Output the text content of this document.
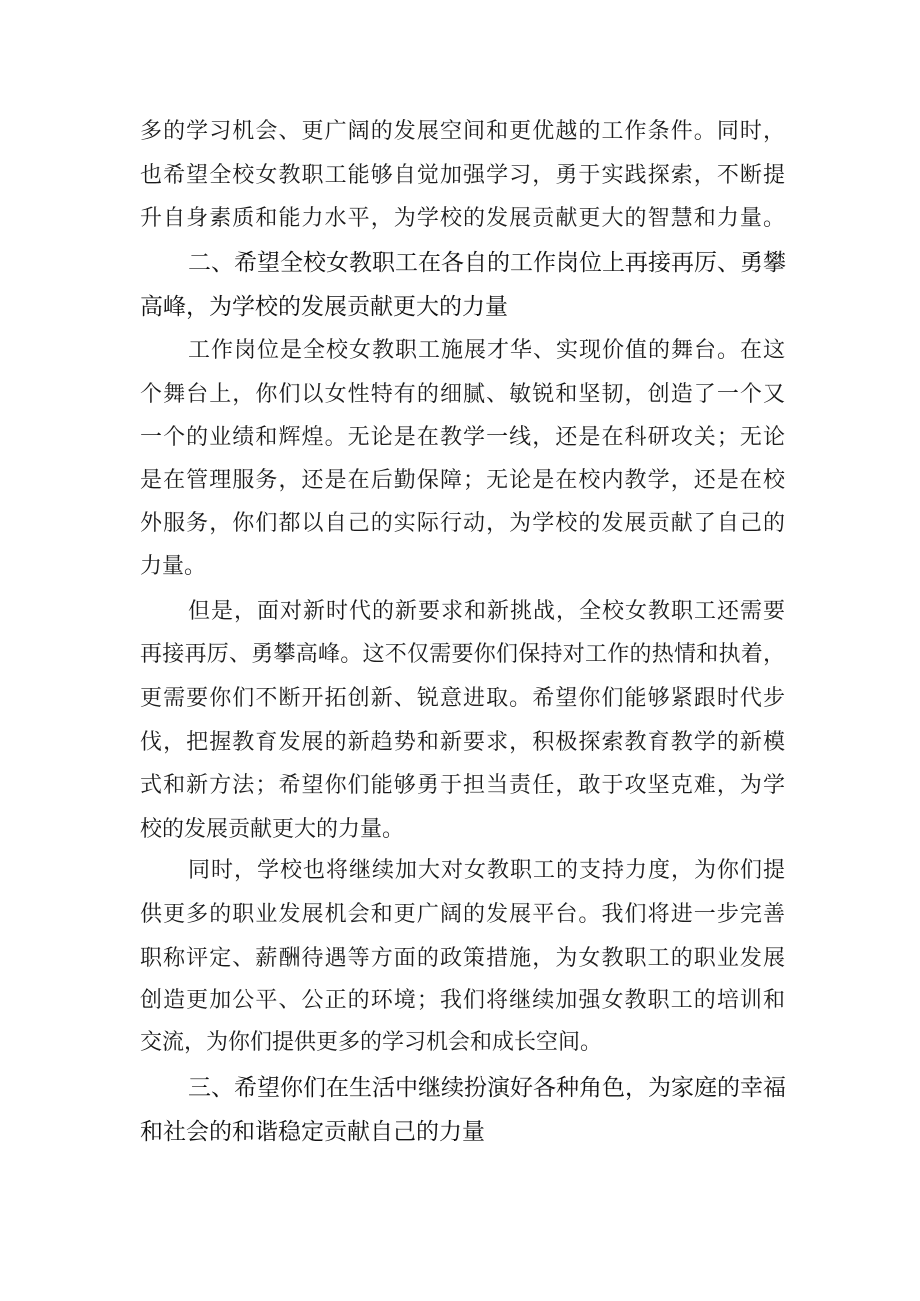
多的学习机会、更广阔的发展空间和更优越的工作条件。同时，
也希望全校女教职工能够自觉加强学习，勇于实践探索，不断提
升自身素质和能力水平，为学校的发展贡献更大的智慧和力量。
二、希望全校女教职工在各自的工作岗位上再接再厉、勇攀
高峰，为学校的发展贡献更大的力量
工作岗位是全校女教职工施展才华、实现价值的舞台。在这
个舞台上，你们以女性特有的细腻、敏锐和坚韧，创造了一个又
一个的业绩和辉煌。无论是在教学一线，还是在科研攻关；无论
是在管理服务，还是在后勤保障；无论是在校内教学，还是在校
外服务，你们都以自己的实际行动，为学校的发展贡献了自己的
力量。
但是，面对新时代的新要求和新挑战，全校女教职工还需要
再接再厉、勇攀高峰。这不仅需要你们保持对工作的热情和执着，
更需要你们不断开拓创新、锐意进取。希望你们能够紧跟时代步
伐，把握教育发展的新趋势和新要求，积极探索教育教学的新模
式和新方法；希望你们能够勇于担当责任，敢于攻坚克难，为学
校的发展贡献更大的力量。
同时，学校也将继续加大对女教职工的支持力度，为你们提
供更多的职业发展机会和更广阔的发展平台。我们将进一步完善
职称评定、薪酬待遇等方面的政策措施，为女教职工的职业发展
创造更加公平、公正的环境；我们将继续加强女教职工的培训和
交流，为你们提供更多的学习机会和成长空间。
三、希望你们在生活中继续扮演好各种角色，为家庭的幸福
和社会的和谐稳定贡献自己的力量
